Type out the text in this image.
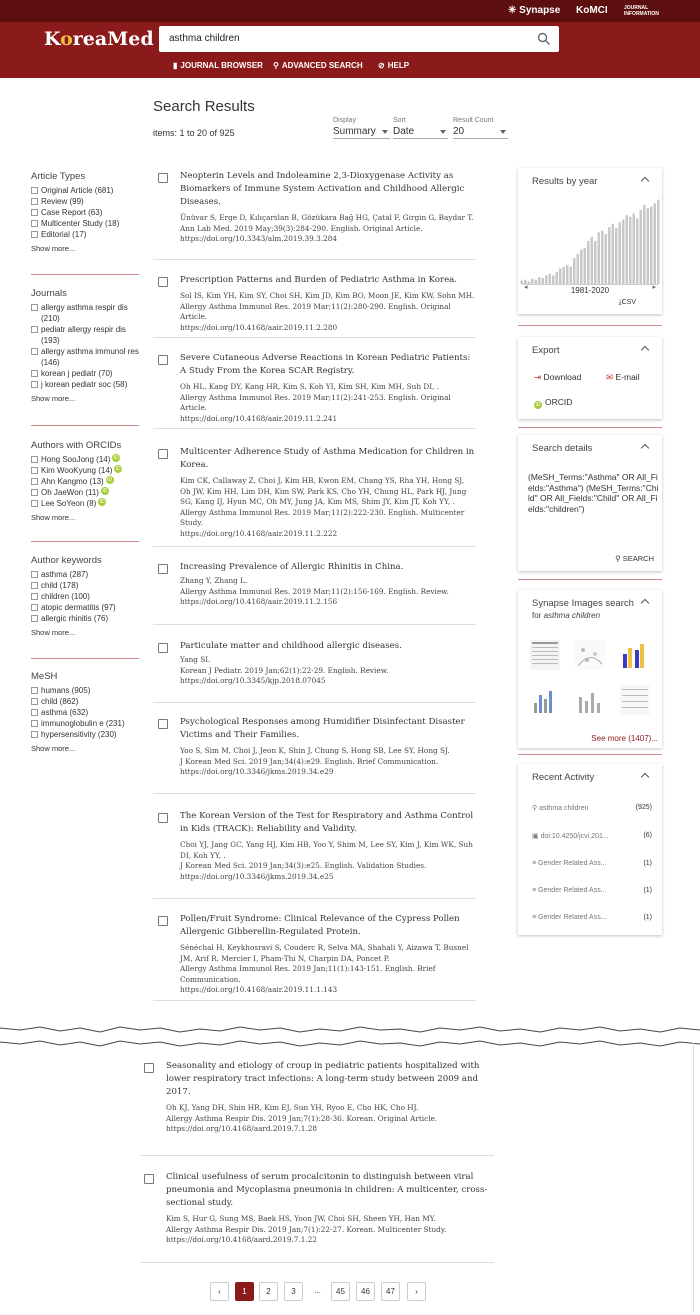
✳ Synapse KoMCI	JOURNAL INFORMATION
KoreaMed	asthma children
▮ JOURNAL BROWSER ⚲ ADVANCED SEARCH ⊘ HELP
Search Results
items: 1 to 20 of 925
Display
Summary
Sort
Date
Result Count
20
Article Types
Original Article (681)
Review (99)
Case Report (63)
Multicenter Study (18)
Editorial (17)
Show more...
Journals
allergy asthma respir dis (210)
pediatr allergy respir dis (193)
allergy asthma immunol res (146)
korean j pediatr (70)
j korean pediatr soc (58)
Show more...
Authors with ORCIDs
Hong SooJong (14) iD
Kim WooKyung (14) iD
Ahn Kangmo (13) iD
Oh JaeWon (11) iD
Lee SoYeon (8) iD
Show more...
Author keywords
asthma (287)
child (178)
children (100)
atopic dermatitis (97)
allergic rhinitis (76)
Show more...
MeSH
humans (905)
child (862)
asthma (632)
immunoglobulin e (231)
hypersensitivity (230)
Show more...
Neopterin Levels and Indoleamine 2,3-Dioxygenase Activity as Biomarkers of Immune System Activation and Childhood Allergic Diseases.
Ünüvar S, Erge D, Kılıçarslan B, Gözükara Bağ HG, Çatal F, Girgin G, Baydar T.
Ann Lab Med. 2019 May;39(3):284-290. English. Original Article.
https://doi.org/10.3343/alm.2019.39.3.284
Prescription Patterns and Burden of Pediatric Asthma in Korea.
Sol IS, Kim YH, Kim SY, Choi SH, Kim JD, Kim BO, Moon JE, Kim KW, Sohn MH.
Allergy Asthma Immunol Res. 2019 Mar;11(2):280-290. English. Original Article.
https://doi.org/10.4168/aair.2019.11.2.280
Severe Cutaneous Adverse Reactions in Korean Pediatric Patients: A Study From the Korea SCAR Registry.
Oh HL, Kang DY, Kang HR, Kim S, Koh YI, Kim SH, Kim MH, Suh DI, .
Allergy Asthma Immunol Res. 2019 Mar;11(2):241-253. English. Original Article.
https://doi.org/10.4168/aair.2019.11.2.241
Multicenter Adherence Study of Asthma Medication for Children in Korea.
Kim CK, Callaway Z, Choi J, Kim HB, Kwon EM, Chang YS, Rha YH, Hong SJ, Oh JW, Kim HH, Lim DH, Kim SW, Park KS, Cho YH, Chung HL, Park HJ, Jung SG, Kang IJ, Hyun MC, Oh MY, Jung JA, Kim MS, Shim JY, Kim JT, Koh YY, .
Allergy Asthma Immunol Res. 2019 Mar;11(2):222-230. English. Multicenter Study.
https://doi.org/10.4168/aair.2019.11.2.222
Increasing Prevalence of Allergic Rhinitis in China.
Zhang Y, Zhang L.
Allergy Asthma Immunol Res. 2019 Mar;11(2):156-169. English. Review.
https://doi.org/10.4168/aair.2019.11.2.156
Particulate matter and childhood allergic diseases.
Yang SI.
Korean J Pediatr. 2019 Jan;62(1):22-29. English. Review.
https://doi.org/10.3345/kjp.2018.07045
Psychological Responses among Humidifier Disinfectant Disaster Victims and Their Families.
Yoo S, Sim M, Choi J, Jeon K, Shin J, Chung S, Hong SB, Lee SY, Hong SJ.
J Korean Med Sci. 2019 Jan;34(4):e29. English. Brief Communication.
https://doi.org/10.3346/jkms.2019.34.e29
The Korean Version of the Test for Respiratory and Asthma Control in Kids (TRACK): Reliability and Validity.
Choi YJ, Jang GC, Yang HJ, Kim HB, Yoo Y, Shim M, Lee SY, Kim J, Kim WK, Suh DI, Koh YY, .
J Korean Med Sci. 2019 Jan;34(3):e25. English. Validation Studies.
https://doi.org/10.3346/jkms.2019.34.e25
Pollen/Fruit Syndrome: Clinical Relevance of the Cypress Pollen Allergenic Gibberellin-Regulated Protein.
Sénéchal H, Keykhosravi S, Couderc R, Selva MA, Shahali Y, Aizawa T, Busnel JM, Arif R, Mercier I, Pham-Thi N, Charpin DA, Poncet P.
Allergy Asthma Immunol Res. 2019 Jan;11(1):143-151. English. Brief Communication.
https://doi.org/10.4168/aair.2019.11.1.143
Results by year
◂	1981-2020	▸
⤓CSV
Export
⇥ Download	✉ E-mail
iD ORCID
Search details
(MeSH_Terms:"Asthma" OR All_Fields:"Asthma") (MeSH_Terms:"Child" OR All_Fields:"Child" OR All_Fields:"children")
⚲ SEARCH
Synapse Images search
for asthma children
See more (1407)...
Recent Activity
⚲ asthma children	(925)
▣ doi:10.4250/jcvi.201...	(6)
≡ Gender Related Ass...	(1)
≡ Gender Related Ass...	(1)
≡ Gender Related Ass...	(1)
Seasonality and etiology of croup in pediatric patients hospitalized with lower respiratory tract infections: A long-term study between 2009 and 2017.
Oh KJ, Yang DH, Shin HR, Kim EJ, Sun YH, Ryoo E, Cho HK, Cho HJ.
Allergy Asthma Respir Dis. 2019 Jan;7(1):28-36. Korean. Original Article.
https://doi.org/10.4168/aard.2019.7.1.28
Clinical usefulness of serum procalcitonin to distinguish between viral pneumonia and Mycoplasma pneumonia in children: A multicenter, cross-sectional study.
Kim S, Hur G, Sung MS, Baek HS, Yoon JW, Choi SH, Sheen YH, Han MY.
Allergy Asthma Respir Dis. 2019 Jan;7(1):22-27. Korean. Multicenter Study.
https://doi.org/10.4168/aard.2019.7.1.22
‹	1	2	3	...	45	46	47	›
